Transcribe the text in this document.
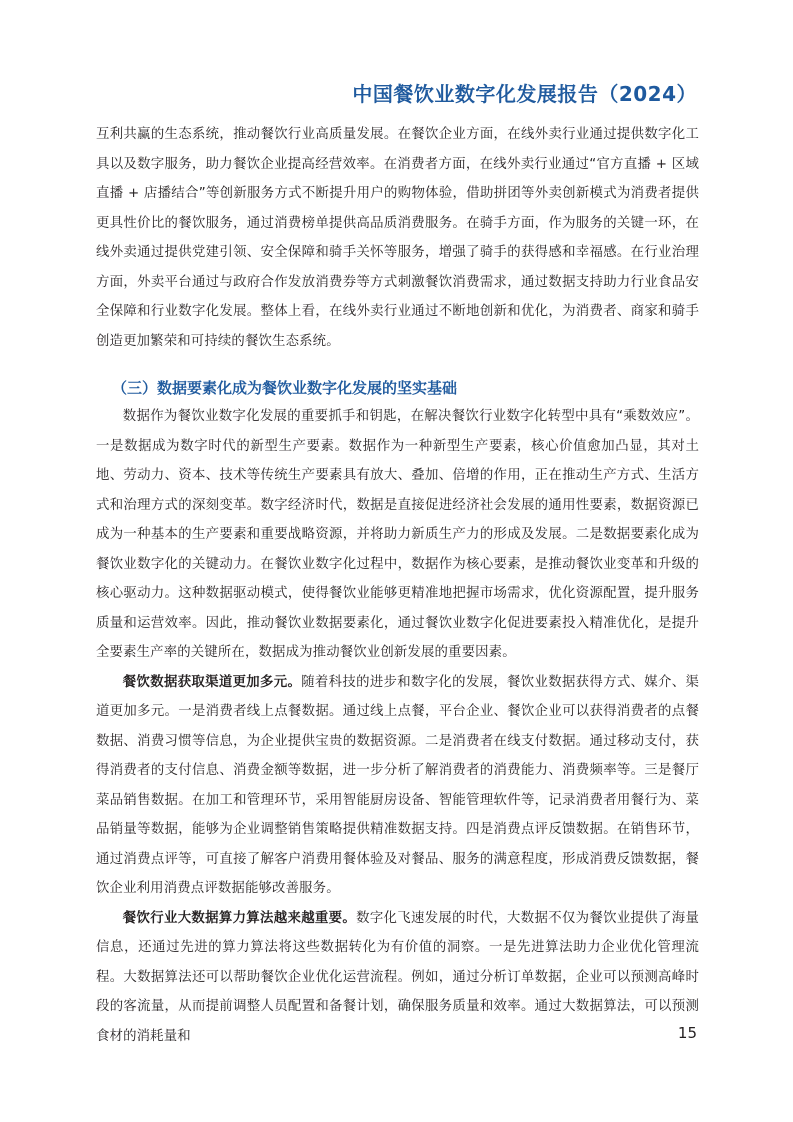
中国餐饮业数字化发展报告（2024）

互利共赢的生态系统，推动餐饮行业高质量发展。在餐饮企业方面，在线外卖行业通过提供数字化工具以及数字服务，助力餐饮企业提高经营效率。在消费者方面，在线外卖行业通过“官方直播 + 区域直播 + 店播结合”等创新服务方式不断提升用户的购物体验，借助拼团等外卖创新模式为消费者提供更具性价比的餐饮服务，通过消费榜单提供高品质消费服务。在骑手方面，作为服务的关键一环，在线外卖通过提供党建引领、安全保障和骑手关怀等服务，增强了骑手的获得感和幸福感。在行业治理方面，外卖平台通过与政府合作发放消费券等方式刺激餐饮消费需求，通过数据支持助力行业食品安全保障和行业数字化发展。整体上看，在线外卖行业通过不断地创新和优化，为消费者、商家和骑手创造更加繁荣和可持续的餐饮生态系统。

（三）数据要素化成为餐饮业数字化发展的坚实基础

数据作为餐饮业数字化发展的重要抓手和钥匙，在解决餐饮行业数字化转型中具有“乘数效应”。一是数据成为数字时代的新型生产要素。数据作为一种新型生产要素，核心价值愈加凸显，其对土地、劳动力、资本、技术等传统生产要素具有放大、叠加、倍增的作用，正在推动生产方式、生活方式和治理方式的深刻变革。数字经济时代，数据是直接促进经济社会发展的通用性要素，数据资源已成为一种基本的生产要素和重要战略资源，并将助力新质生产力的形成及发展。二是数据要素化成为餐饮业数字化的关键动力。在餐饮业数字化过程中，数据作为核心要素，是推动餐饮业变革和升级的核心驱动力。这种数据驱动模式，使得餐饮业能够更精准地把握市场需求，优化资源配置，提升服务质量和运营效率。因此，推动餐饮业数据要素化，通过餐饮业数字化促进要素投入精准优化，是提升全要素生产率的关键所在，数据成为推动餐饮业创新发展的重要因素。

餐饮数据获取渠道更加多元。随着科技的进步和数字化的发展，餐饮业数据获得方式、媒介、渠道更加多元。一是消费者线上点餐数据。通过线上点餐，平台企业、餐饮企业可以获得消费者的点餐数据、消费习惯等信息，为企业提供宝贵的数据资源。二是消费者在线支付数据。通过移动支付，获得消费者的支付信息、消费金额等数据，进一步分析了解消费者的消费能力、消费频率等。三是餐厅菜品销售数据。在加工和管理环节，采用智能厨房设备、智能管理软件等，记录消费者用餐行为、菜品销量等数据，能够为企业调整销售策略提供精准数据支持。四是消费点评反馈数据。在销售环节，通过消费点评等，可直接了解客户消费用餐体验及对餐品、服务的满意程度，形成消费反馈数据，餐饮企业利用消费点评数据能够改善服务。

餐饮行业大数据算力算法越来越重要。数字化飞速发展的时代，大数据不仅为餐饮业提供了海量信息，还通过先进的算力算法将这些数据转化为有价值的洞察。一是先进算法助力企业优化管理流程。大数据算法还可以帮助餐饮企业优化运营流程。例如，通过分析订单数据，企业可以预测高峰时段的客流量，从而提前调整人员配置和备餐计划，确保服务质量和效率。通过大数据算法，可以预测食材的消耗量和	15
